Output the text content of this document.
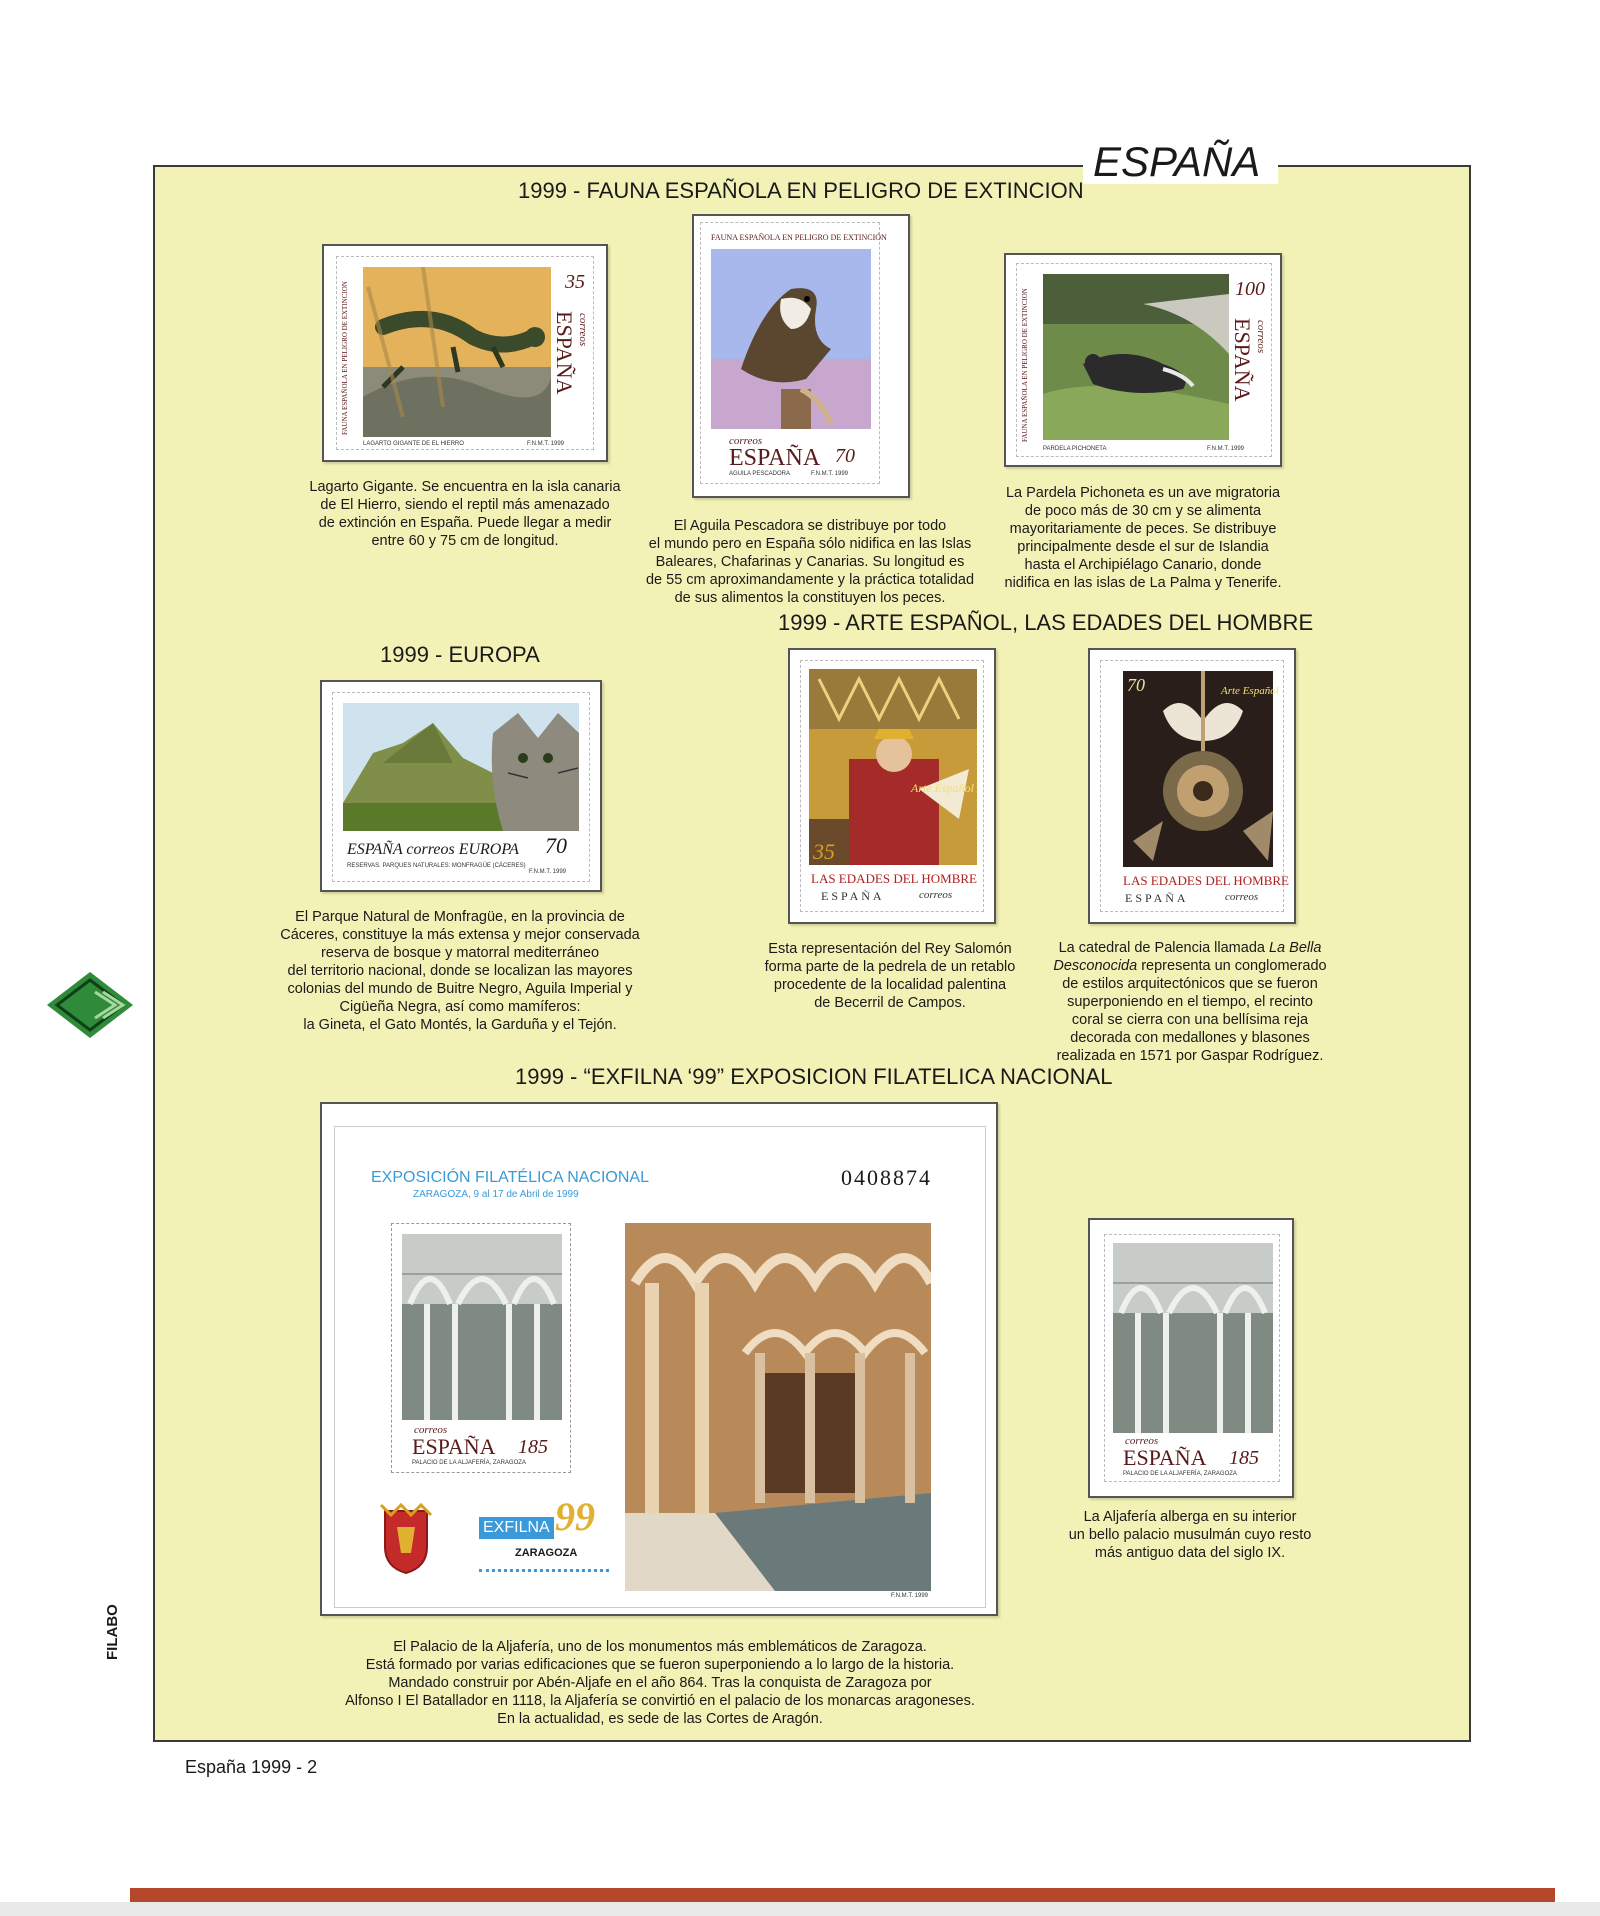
FILABO
ESPAÑA
1999 - FAUNA ESPAÑOLA EN PELIGRO DE EXTINCION
FAUNA ESPAÑOLA EN PELIGRO DE EXTINCION	35
correos
ESPAÑA
LAGARTO GIGANTE DE EL HIERRO	F.N.M.T. 1999
Lagarto Gigante. Se encuentra en la isla canaria
de El Hierro, siendo el reptil más amenazado
de extinción en España. Puede llegar a medir
entre 60 y 75 cm de longitud.
FAUNA ESPAÑOLA EN PELIGRO DE EXTINCIÓN
correos
ESPAÑA 70
AGUILA PESCADORA	F.N.M.T. 1999
El Aguila Pescadora se distribuye por todo
el mundo pero en España sólo nidifica en las Islas
Baleares, Chafarinas y Canarias. Su longitud es
de 55 cm aproximandamente y la práctica totalidad
de sus alimentos la constituyen los peces.
FAUNA ESPAÑOLA EN PELIGRO DE EXTINCION	100
correos
ESPAÑA
PARDELA PICHONETA	F.N.M.T. 1999
La Pardela Pichoneta es un ave migratoria
de poco más de 30 cm y se alimenta
mayoritariamente de peces. Se distribuye
principalmente desde el sur de Islandia
hasta el Archipiélago Canario, donde
nidifica en las islas de La Palma y Tenerife.
1999 - ARTE ESPAÑOL, LAS EDADES DEL HOMBRE
1999 - EUROPA
ESPAÑA correos EUROPA 70
RESERVAS. PARQUES NATURALES: MONFRAGÜE (CÁCERES)
F.N.M.T. 1999
El Parque Natural de Monfragüe, en la provincia de
Cáceres, constituye la más extensa y mejor conservada
reserva de bosque y matorral mediterráneo
del territorio nacional, donde se localizan las mayores
colonias del mundo de Buitre Negro, Aguila Imperial y
Cigüeña Negra, así como mamíferos:
la Gineta, el Gato Montés, la Garduña y el Tejón.
35
Arte Español
LAS EDADES DEL HOMBRE
ESPAÑA	correos
Esta representación del Rey Salomón
forma parte de la pedrela de un retablo
procedente de la localidad palentina
de Becerril de Campos.
70	Arte Español
LAS EDADES DEL HOMBRE
ESPAÑA	correos
La catedral de Palencia llamada La Bella
Desconocida representa un conglomerado
de estilos arquitectónicos que se fueron
superponiendo en el tiempo, el recinto
coral se cierra con una bellísima reja
decorada con medallones y blasones
realizada en 1571 por Gaspar Rodríguez.
1999 - “EXFILNA ‘99” EXPOSICION FILATELICA NACIONAL
EXPOSICIÓN FILATÉLICA NACIONAL
ZARAGOZA, 9 al 17 de Abril de 1999
0408874
correos
ESPAÑA 185
PALACIO DE LA ALJAFERÍA, ZARAGOZA
F.N.M.T. 1999
EXFILNA 99
ZARAGOZA
correos
ESPAÑA 185
PALACIO DE LA ALJAFERÍA, ZARAGOZA
La Aljafería alberga en su interior
un bello palacio musulmán cuyo resto
más antiguo data del siglo IX.
El Palacio de la Aljafería, uno de los monumentos más emblemáticos de Zaragoza.
Está formado por varias edificaciones que se fueron superponiendo a lo largo de la historia.
Mandado construir por Abén-Aljafe en el año 864. Tras la conquista de Zaragoza por
Alfonso I El Batallador en 1118, la Aljafería se convirtió en el palacio de los monarcas aragoneses.
En la actualidad, es sede de las Cortes de Aragón.
España 1999 - 2
